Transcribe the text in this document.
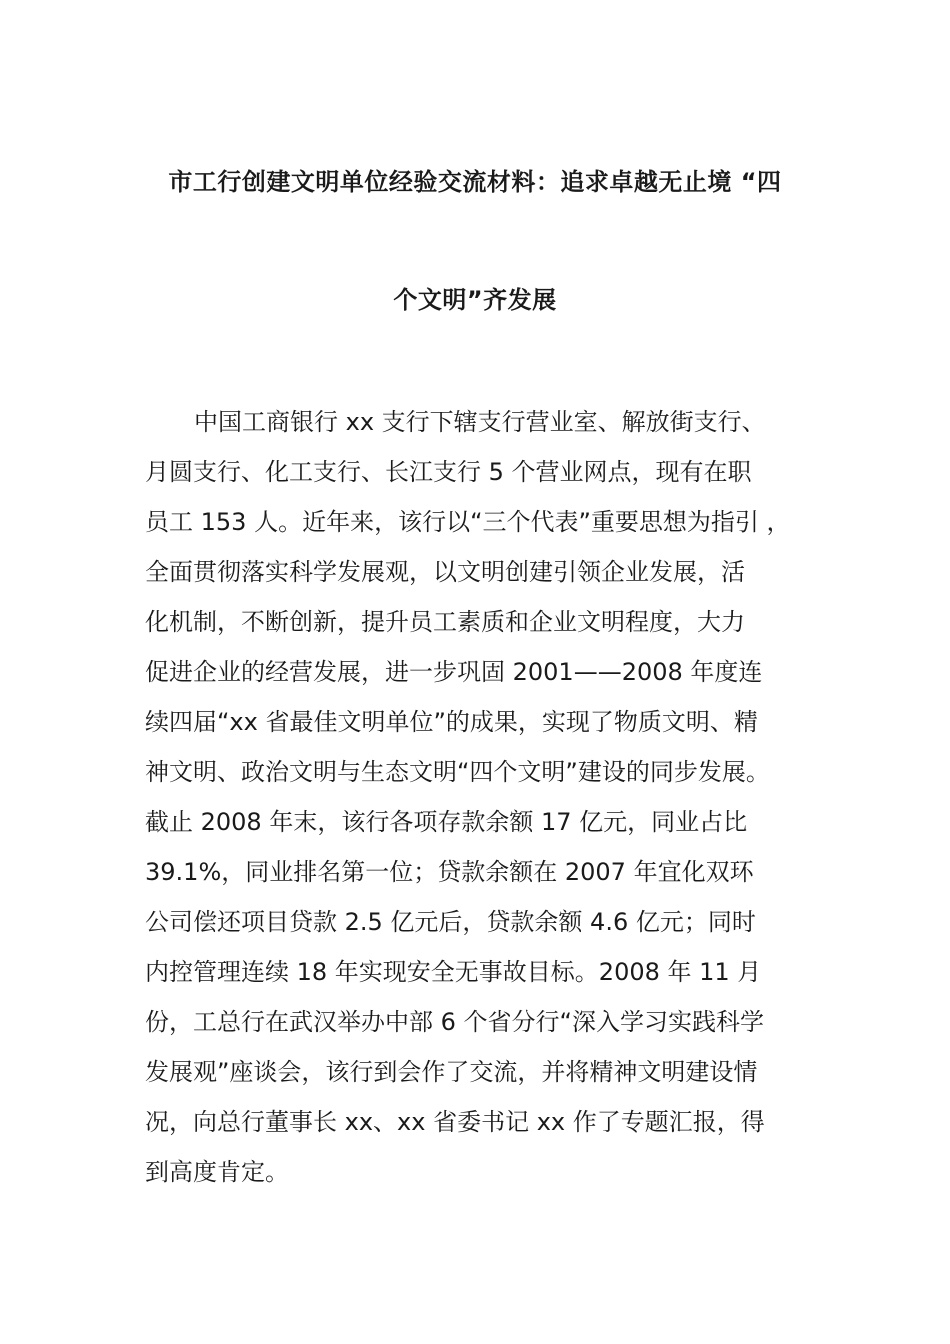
市工行创建文明单位经验交流材料：追求卓越无止境 “四
个文明”齐发展
中国工商银行 xx 支行下辖支行营业室、解放街支行、
月圆支行、化工支行、长江支行 5 个营业网点，现有在职
员工 153 人。近年来，该行以“三个代表”重要思想为指引 ，
全面贯彻落实科学发展观，以文明创建引领企业发展，活
化机制，不断创新，提升员工素质和企业文明程度，大力
促进企业的经营发展，进一步巩固 2001——2008 年度连
续四届“xx 省最佳文明单位”的成果，实现了物质文明、精
神文明、政治文明与生态文明“四个文明”建设的同步发展。
截止 2008 年末，该行各项存款余额 17 亿元，同业占比
39.1%，同业排名第一位；贷款余额在 2007 年宜化双环
公司偿还项目贷款 2.5 亿元后，贷款余额 4.6 亿元；同时
内控管理连续 18 年实现安全无事故目标。2008 年 11 月
份，工总行在武汉举办中部 6 个省分行“深入学习实践科学
发展观”座谈会，该行到会作了交流，并将精神文明建设情
况，向总行董事长 xx、xx 省委书记 xx 作了专题汇报，得
到高度肯定。
